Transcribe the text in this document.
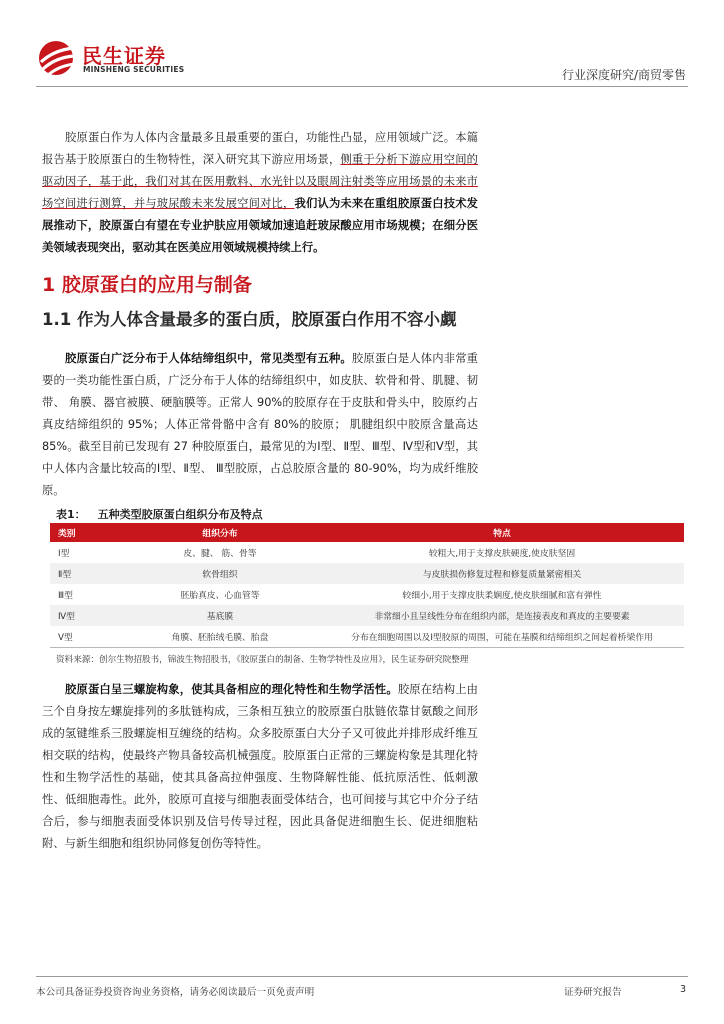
民生证券
MINSHENG SECURITIES	行业深度研究/商贸零售

胶原蛋白作为人体内含量最多且最重要的蛋白，功能性凸显，应用领域广泛。本篇报告基于胶原蛋白的生物特性，深入研究其下游应用场景，侧重于分析下游应用空间的驱动因子，基于此，我们对其在医用敷料、水光针以及眼周注射类等应用场景的未来市场空间进行测算，并与玻尿酸未来发展空间对比，我们认为未来在重组胶原蛋白技术发展推动下，胶原蛋白有望在专业护肤应用领域加速追赶玻尿酸应用市场规模；在细分医美领域表现突出，驱动其在医美应用领域规模持续上行。

1 胶原蛋白的应用与制备
1.1 作为人体含量最多的蛋白质，胶原蛋白作用不容小觑

胶原蛋白广泛分布于人体结缔组织中，常见类型有五种。胶原蛋白是人体内非常重要的一类功能性蛋白质，广泛分布于人体的结缔组织中，如皮肤、软骨和骨、肌腱、韧带、 角膜、器官被膜、硬脑膜等。正常人 90%的胶原存在于皮肤和骨头中，胶原约占真皮结缔组织的 95%；人体正常骨骼中含有 80%的胶原； 肌腱组织中胶原含量高达 85%。截至目前已发现有 27 种胶原蛋白，最常见的为Ⅰ型、Ⅱ型、Ⅲ型、Ⅳ型和Ⅴ型，其中人体内含量比较高的Ⅰ型、Ⅱ型、 Ⅲ型胶原，占总胶原含量的 80-90%，均为成纤维胶原。

表1： 五种类型胶原蛋白组织分布及特点
类别	组织分布	特点
Ⅰ型	皮、腱、 筋、骨等	较粗大,用于支撑皮肤硬度,使皮肤坚固
Ⅱ型	软骨组织	与皮肤损伤修复过程和修复质量紧密相关
Ⅲ型	胚胎真皮、心血管等	较细小,用于支撑皮肤柔娴度,使皮肤细腻和富有弹性
Ⅳ型	基底膜	非常细小且呈线性分布在组织内部，是连接表皮和真皮的主要要素
Ⅴ型	角膜、胚胎绒毛膜、胎盘	分布在细胞周围以及Ⅰ型胶原的周围，可能在基膜和结缔组织之间起着桥梁作用
资料来源：创尔生物招股书，锦波生物招股书，《胶原蛋白的制备、生物学特性及应用》，民生证券研究院整理

胶原蛋白呈三螺旋构象，使其具备相应的理化特性和生物学活性。胶原在结构上由三个自身按左螺旋排列的多肽链构成，三条相互独立的胶原蛋白肽链依靠甘氨酸之间形成的氢键维系三股螺旋相互缠绕的结构。众多胶原蛋白大分子又可彼此并排形成纤维互相交联的结构，使最终产物具备较高机械强度。胶原蛋白正常的三螺旋构象是其理化特性和生物学活性的基础，使其具备高拉伸强度、生物降解性能、低抗原活性、低刺激性、低细胞毒性。此外，胶原可直接与细胞表面受体结合，也可间接与其它中介分子结合后，参与细胞表面受体识别及信号传导过程，因此具备促进细胞生长、促进细胞粘附、与新生细胞和组织协同修复创伤等特性。

本公司具备证券投资咨询业务资格，请务必阅读最后一页免责声明	证券研究报告	3
